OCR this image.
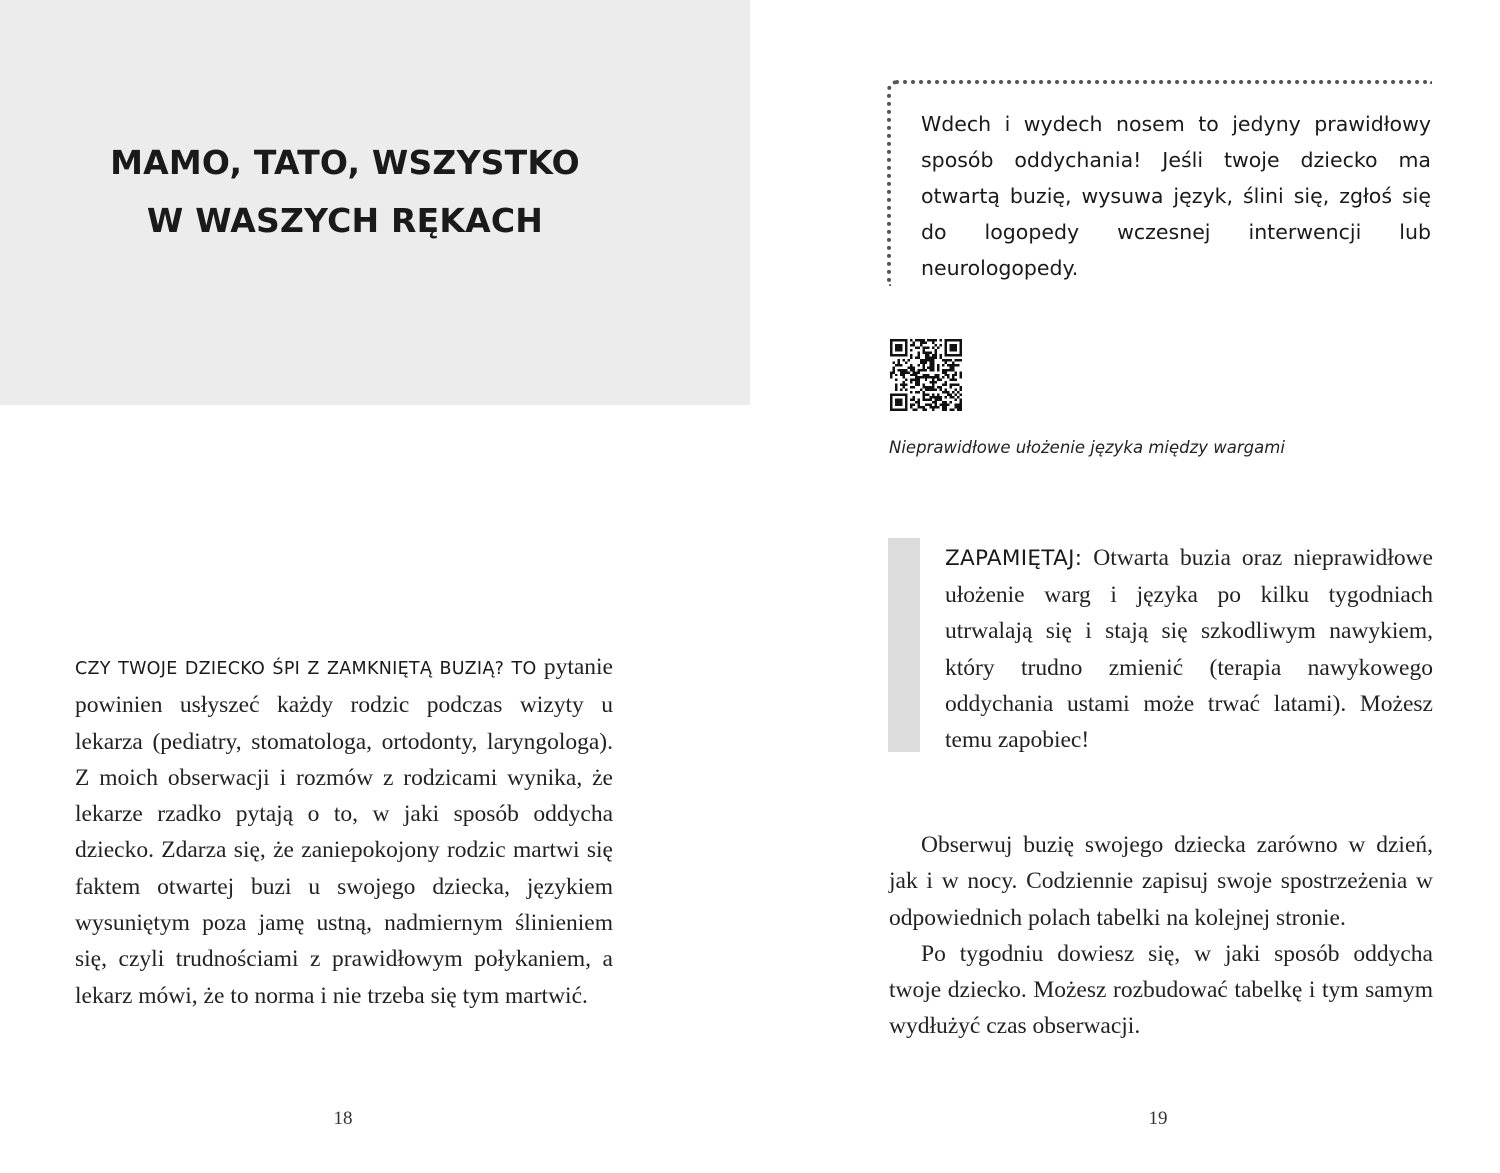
MAMO, TATO, WSZYSTKO
W WASZYCH RĘKACH
CZY TWOJE DZIECKO ŚPI Z ZAMKNIĘTĄ BUZIĄ? TO pytanie powinien usłyszeć każdy rodzic podczas wizyty u lekarza (pediatry, stomatologa, ortodonty, laryngologa). Z moich obserwacji i rozmów z rodzicami wynika, że lekarze rzadko pytają o to, w jaki sposób oddycha dziecko. Zdarza się, że zaniepokojony rodzic martwi się faktem otwartej buzi u swojego dziecka, językiem wysuniętym poza jamę ustną, nadmiernym ślinieniem się, czyli trudnościami z prawidłowym połykaniem, a lekarz mówi, że to norma i nie trzeba się tym martwić.
18
Wdech i wydech nosem to jedyny prawidłowy sposób oddychania! Jeśli twoje dziecko ma otwartą buzię, wysuwa język, ślini się, zgłoś się do logopedy wczesnej interwencji lub neurologopedy.
Nieprawidłowe ułożenie języka między wargami
ZAPAMIĘTAJ: Otwarta buzia oraz nieprawidłowe ułożenie warg i języka po kilku tygodniach utrwalają się i stają się szkodliwym nawykiem, który trudno zmienić (terapia nawykowego oddychania ustami może trwać latami). Możesz temu zapobiec!

Obserwuj buzię swojego dziecka zarówno w dzień, jak i w nocy. Codziennie zapisuj swoje spostrzeżenia w odpowiednich polach tabelki na kolejnej stronie.

Po tygodniu dowiesz się, w jaki sposób oddycha twoje dziecko. Możesz rozbudować tabelkę i tym samym wydłużyć czas obserwacji.

19
